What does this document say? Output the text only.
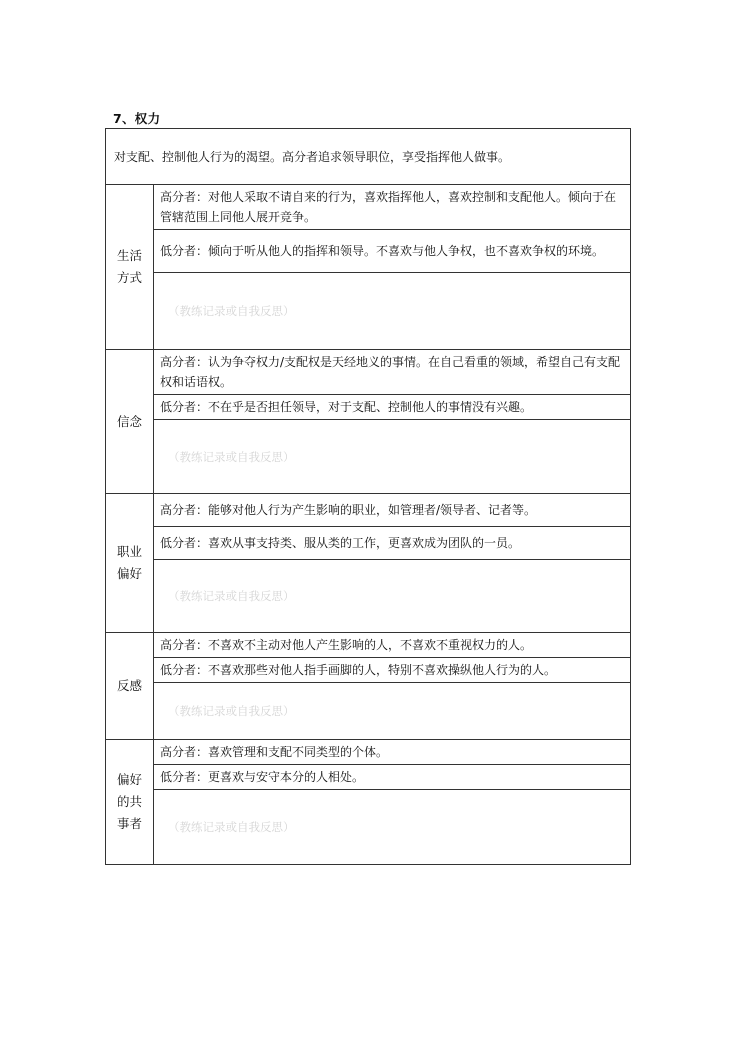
7、权力
对支配、控制他人行为的渴望。高分者追求领导职位，享受指挥他人做事。	
生活方式	高分者：对他人采取不请自来的行为，喜欢指挥他人，喜欢控制和支配他人。倾向于在管辖范围上同他人展开竞争。
	低分者：倾向于听从他人的指挥和领导。不喜欢与他人争权，也不喜欢争权的环境。
	（教练记录或自我反思）
信念	高分者：认为争夺权力/支配权是天经地义的事情。在自己看重的领域，希望自己有支配权和话语权。
	低分者：不在乎是否担任领导，对于支配、控制他人的事情没有兴趣。
	（教练记录或自我反思）
职业偏好	高分者：能够对他人行为产生影响的职业，如管理者/领导者、记者等。
	低分者：喜欢从事支持类、服从类的工作，更喜欢成为团队的一员。
	（教练记录或自我反思）
反感	高分者：不喜欢不主动对他人产生影响的人，不喜欢不重视权力的人。
	低分者：不喜欢那些对他人指手画脚的人，特别不喜欢操纵他人行为的人。
	（教练记录或自我反思）
偏好的共事者	高分者：喜欢管理和支配不同类型的个体。
	低分者：更喜欢与安守本分的人相处。
	（教练记录或自我反思）
